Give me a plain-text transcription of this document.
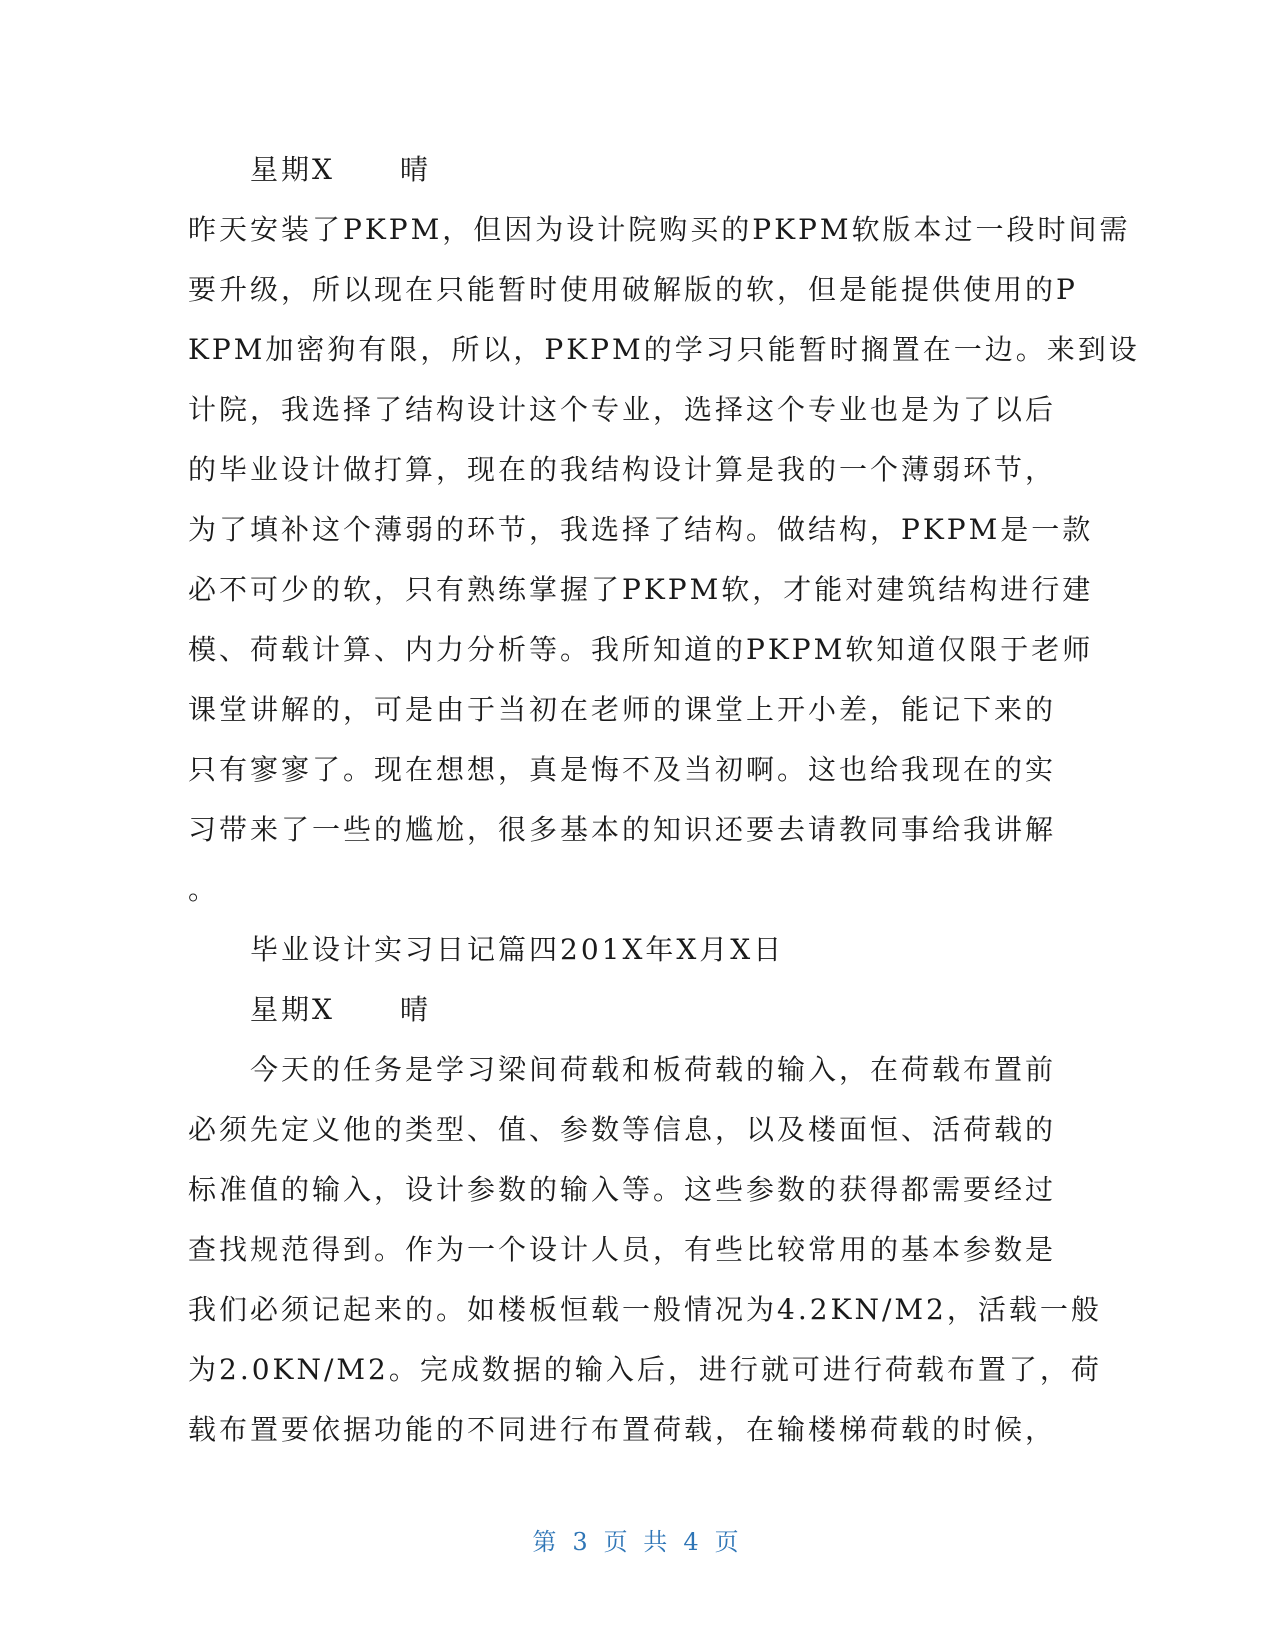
星期X 晴
昨天安装了PKPM，但因为设计院购买的PKPM软版本过一段时间需
要升级，所以现在只能暂时使用破解版的软，但是能提供使用的P
KPM加密狗有限，所以，PKPM的学习只能暂时搁置在一边。来到设
计院，我选择了结构设计这个专业，选择这个专业也是为了以后
的毕业设计做打算，现在的我结构设计算是我的一个薄弱环节，
为了填补这个薄弱的环节，我选择了结构。做结构，PKPM是一款
必不可少的软，只有熟练掌握了PKPM软，才能对建筑结构进行建
模、荷载计算、内力分析等。我所知道的PKPM软知道仅限于老师
课堂讲解的，可是由于当初在老师的课堂上开小差，能记下来的
只有寥寥了。现在想想，真是悔不及当初啊。这也给我现在的实
习带来了一些的尴尬，很多基本的知识还要去请教同事给我讲解
。
毕业设计实习日记篇四201X年X月X日
星期X 晴
今天的任务是学习梁间荷载和板荷载的输入，在荷载布置前
必须先定义他的类型、值、参数等信息，以及楼面恒、活荷载的
标准值的输入，设计参数的输入等。这些参数的获得都需要经过
查找规范得到。作为一个设计人员，有些比较常用的基本参数是
我们必须记起来的。如楼板恒载一般情况为4.2KN/M2，活载一般
为2.0KN/M2。完成数据的输入后，进行就可进行荷载布置了，荷
载布置要依据功能的不同进行布置荷载，在输楼梯荷载的时候，
第 3 页 共 4 页
